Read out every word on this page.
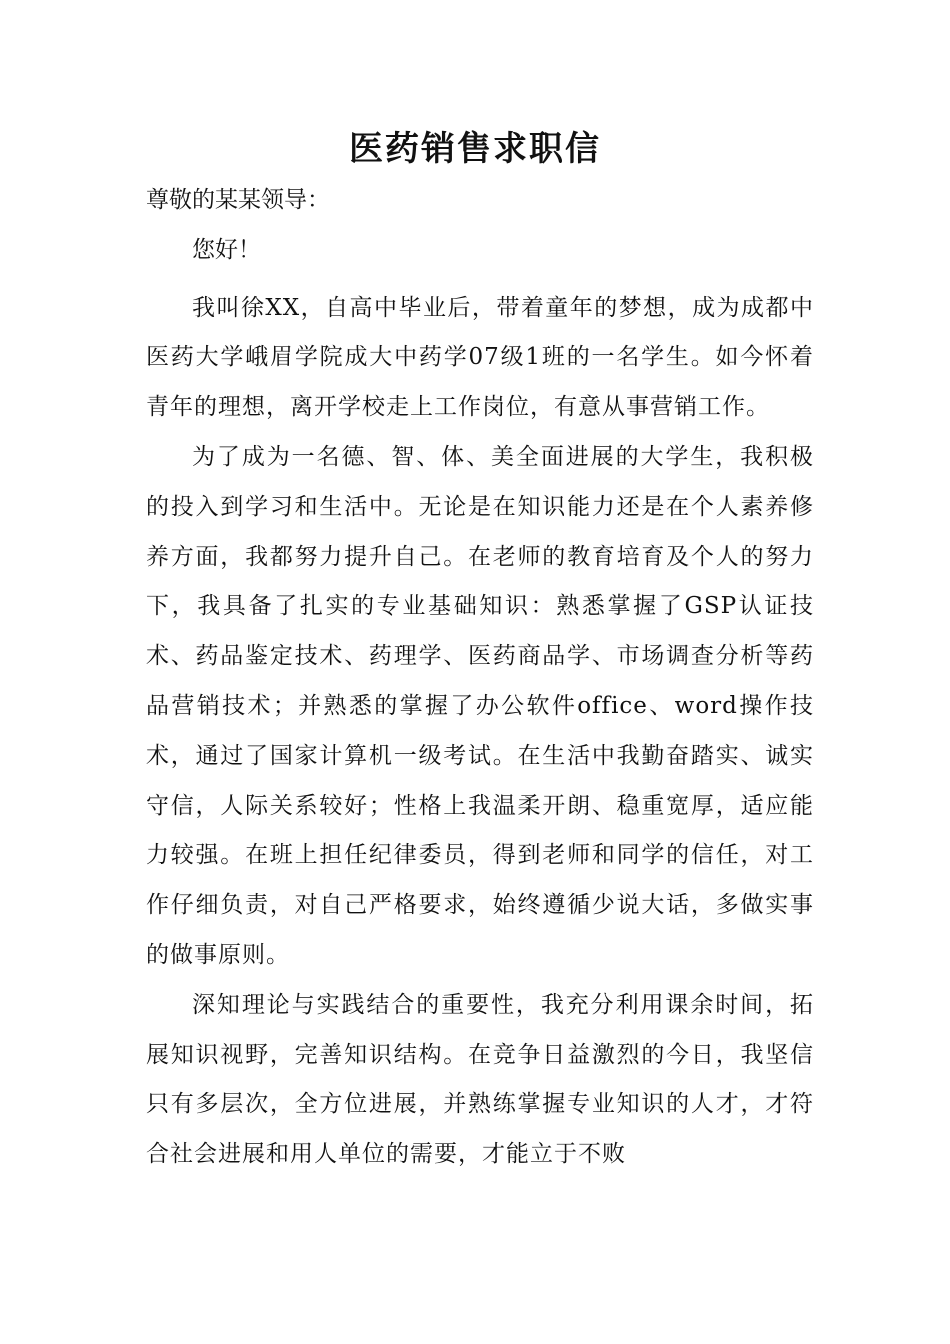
医药销售求职信

尊敬的某某领导：

您好！

我叫徐XX，自高中毕业后，带着童年的梦想，成为成都中医药大学峨眉学院成大中药学07级1班的一名学生。如今怀着青年的理想，离开学校走上工作岗位，有意从事营销工作。

为了成为一名德、智、体、美全面进展的大学生，我积极的投入到学习和生活中。无论是在知识能力还是在个人素养修养方面，我都努力提升自己。在老师的教育培育及个人的努力下，我具备了扎实的专业基础知识：熟悉掌握了GSP认证技术、药品鉴定技术、药理学、医药商品学、市场调查分析等药品营销技术；并熟悉的掌握了办公软件office、word操作技术，通过了国家计算机一级考试。在生活中我勤奋踏实、诚实守信，人际关系较好；性格上我温柔开朗、稳重宽厚，适应能力较强。在班上担任纪律委员，得到老师和同学的信任，对工作仔细负责，对自己严格要求，始终遵循少说大话，多做实事的做事原则。

深知理论与实践结合的重要性，我充分利用课余时间，拓展知识视野，完善知识结构。在竞争日益激烈的今日，我坚信只有多层次，全方位进展，并熟练掌握专业知识的人才，才符合社会进展和用人单位的需要，才能立于不败
